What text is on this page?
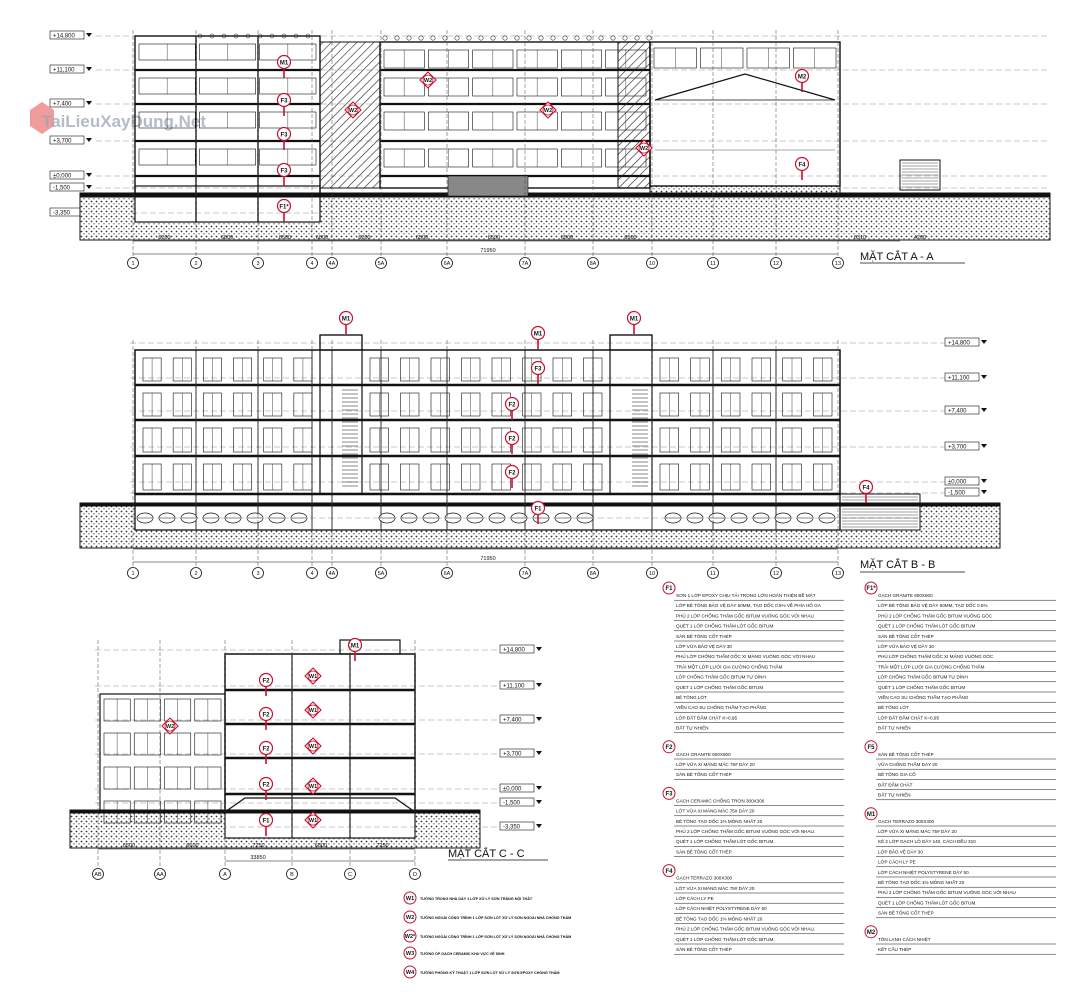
TaiLieuXayDung.Net
+14,800
+11,100
+7,400
+3,700
±0,000
-1,500
-3,350
M1
F3
F3
F3
F1*
M2
F4
W2
W2
W2
W2
6200	6800	6500	6800	6200	6500	6500	6500	6500	6310	4200
71950
1	2	3	4	4A	5A	6A	7A	8A	10	11	12	13
MẶT CẮT A - A
+14,800
+11,100
+7,400
+3,700
±0,000
-1,500
M1
M1
M1
F3
F2
F2
F2
F1
F4
71950
1	2	3	4	4A	5A	6A	7A	8A	10	11	12	13
MẶT CẮT B - B
+14,800
+11,100
+7,400
+3,700
±0,000
-1,500
-3,350
M1
F2
F2
F2
F2
F1
W1
W1
W1
W1
W1
W2
6500	6600	7250	6800	7250
33850
AB	AA	A	B	C	D
MẶT CẮT C - C
W1 TƯỜNG TRONG NHÀ DÀY 1 LỚP XỬ LÝ SƠN TRẮNG NỘI THẤT
W2 TƯỜNG NGOÀI CÔNG TRÌNH 1 LỚP SƠN LÓT XỬ LÝ SƠN NGOÀI NHÀ CHỐNG THẤM
W2* TƯỜNG NGOÀI CÔNG TRÌNH 1 LỚP SƠN LÓT XỬ LÝ SƠN NGOÀI NHÀ CHỐNG THẤM
W3 TƯỜNG ỐP GẠCH CERAMIC KHU VỰC VỆ SINH
W4 TƯỜNG PHÒNG KỸ THUẬT 1 LỚP SƠN LÓT XỬ LÝ SƠN EPOXY CHỐNG THẤM
F1
SƠN 1 LỚP EPOXY CHỊU TẢI TRỌNG LỚN HOÀN THIỆN BỀ MẶT
LỚP BÊ TÔNG BẢO VỆ DÀY 50MM, TẠO DỐC 0.5% VỀ PHÍA HỐ GA
PHỦ 2 LỚP CHỐNG THẤM GỐC BITUM VUÔNG GÓC VỚI NHAU
QUÉT 1 LỚP CHỐNG THẤM LÓT GỐC BITUM
SÀN BÊ TÔNG CỐT THÉP
LỚP VỮA BẢO VỆ DÀY 30
PHỦ LỚP CHỐNG THẤM GỐC XI MĂNG VUÔNG GÓC VỚI NHAU
TRẢI MỘT LỚP LƯỚI GIA CƯỜNG CHỐNG THẤM
LỚP CHỐNG THẤM GỐC BITUM TỰ DÍNH
QUÉT 1 LỚP CHỐNG THẤM GỐC BITUM
BÊ TÔNG LÓT
VIỀN CAO SU CHỐNG THẤM TẠO PHẲNG
LỚP ĐẤT ĐẦM CHẶT K=0,95
ĐẤT TỰ NHIÊN
F2
GẠCH GRANITE 600X600
LỚP VỮA XI MĂNG MÁC 75# DÀY 20
SÀN BÊ TÔNG CỐT THÉP
F3
GẠCH CERAMIC CHỐNG TRƠN 300X300
LỚT VỮA XI MĂNG MÁC 75# DÀY 20
BÊ TÔNG TẠO DỐC 1% MỎNG NHẤT 20
PHỦ 2 LỚP CHỐNG THẤM GỐC BITUM VUÔNG GÓC VỚI NHAU.
QUÉT 1 LỚP CHỐNG THẤM LÓT GỐC BITUM.
SÀN BÊ TÔNG CỐT THÉP
F4
GẠCH TERRAZO 300X300
LỚT VỮA XI MĂNG MÁC 75# DÀY 20
LỚP CÁCH LY PE
LỚP CÁCH NHIỆT POLYSTYRENE DÀY 50
BÊ TÔNG TẠO DỐC 1% MỎNG NHẤT 20
PHỦ 2 LỚP CHỐNG THẤM GỐC BITUM VUÔNG GÓC VỚI NHAU.
QUÉT 1 LỚP CHỐNG THẤM LÓT GỐC BITUM.
SÀN BÊ TÔNG CỐT THÉP
F1*
GẠCH GRANITE 600X600
LỚP BÊ TÔNG BẢO VỆ DÀY 50MM, TẠO DỐC 0.5%
PHỦ 2 LỚP CHỐNG THẤM GỐC BITUM VUÔNG GÓC
QUÉT 1 LỚP CHỐNG THẤM LÓT GỐC BITUM
SÀN BÊ TÔNG CỐT THÉP
LỚP VỮA BẢO VỆ DÀY 30
PHỦ LỚP CHỐNG THẤM GỐC XI MĂNG VUÔNG GÓC
TRẢI MỘT LỚP LƯỚI GIA CƯỜNG CHỐNG THẤM
LỚP CHỐNG THẤM GỐC BITUM TỰ DÍNH
QUÉT 1 LỚP CHỐNG THẤM GỐC BITUM
VIỀN CAO SU CHỐNG THẤM TẠO PHẲNG
BÊ TÔNG LÓT
LỚP ĐẤT ĐẦM CHẶT K=0,95
ĐẤT TỰ NHIÊN
F5
SÀN BÊ TÔNG CỐT THÉP
VỮA CHỐNG THẤM DÀY 20
BÊ TÔNG GIA CỐ
ĐẤT ĐẦM CHẶT
ĐẤT TỰ NHIÊN
M1
GẠCH TERRAZO 300X300
LỚP VỮA XI MĂNG MÁC 75# DÀY 20
KÊ 2 LỚP GẠCH LỖ DÀY 140, CÁCH ĐỀU 310
LỚP BẢO VỆ DÀY 30
LỚP CÁCH LY PE
LỚP CÁCH NHIỆT POLYSTYRENE DÀY 50
BÊ TÔNG TẠO DỐC 1% MỎNG NHẤT 20
PHỦ 2 LỚP CHỐNG THẤM GỐC BITUM VUÔNG GÓC VỚI NHAU
QUÉT 1 LỚP CHỐNG THẤM LÓT GỐC BITUM.
SÀN BÊ TÔNG CỐT THÉP
M2
TÔN LẠNH CÁCH NHIỆT
KẾT CẤU THÉP
